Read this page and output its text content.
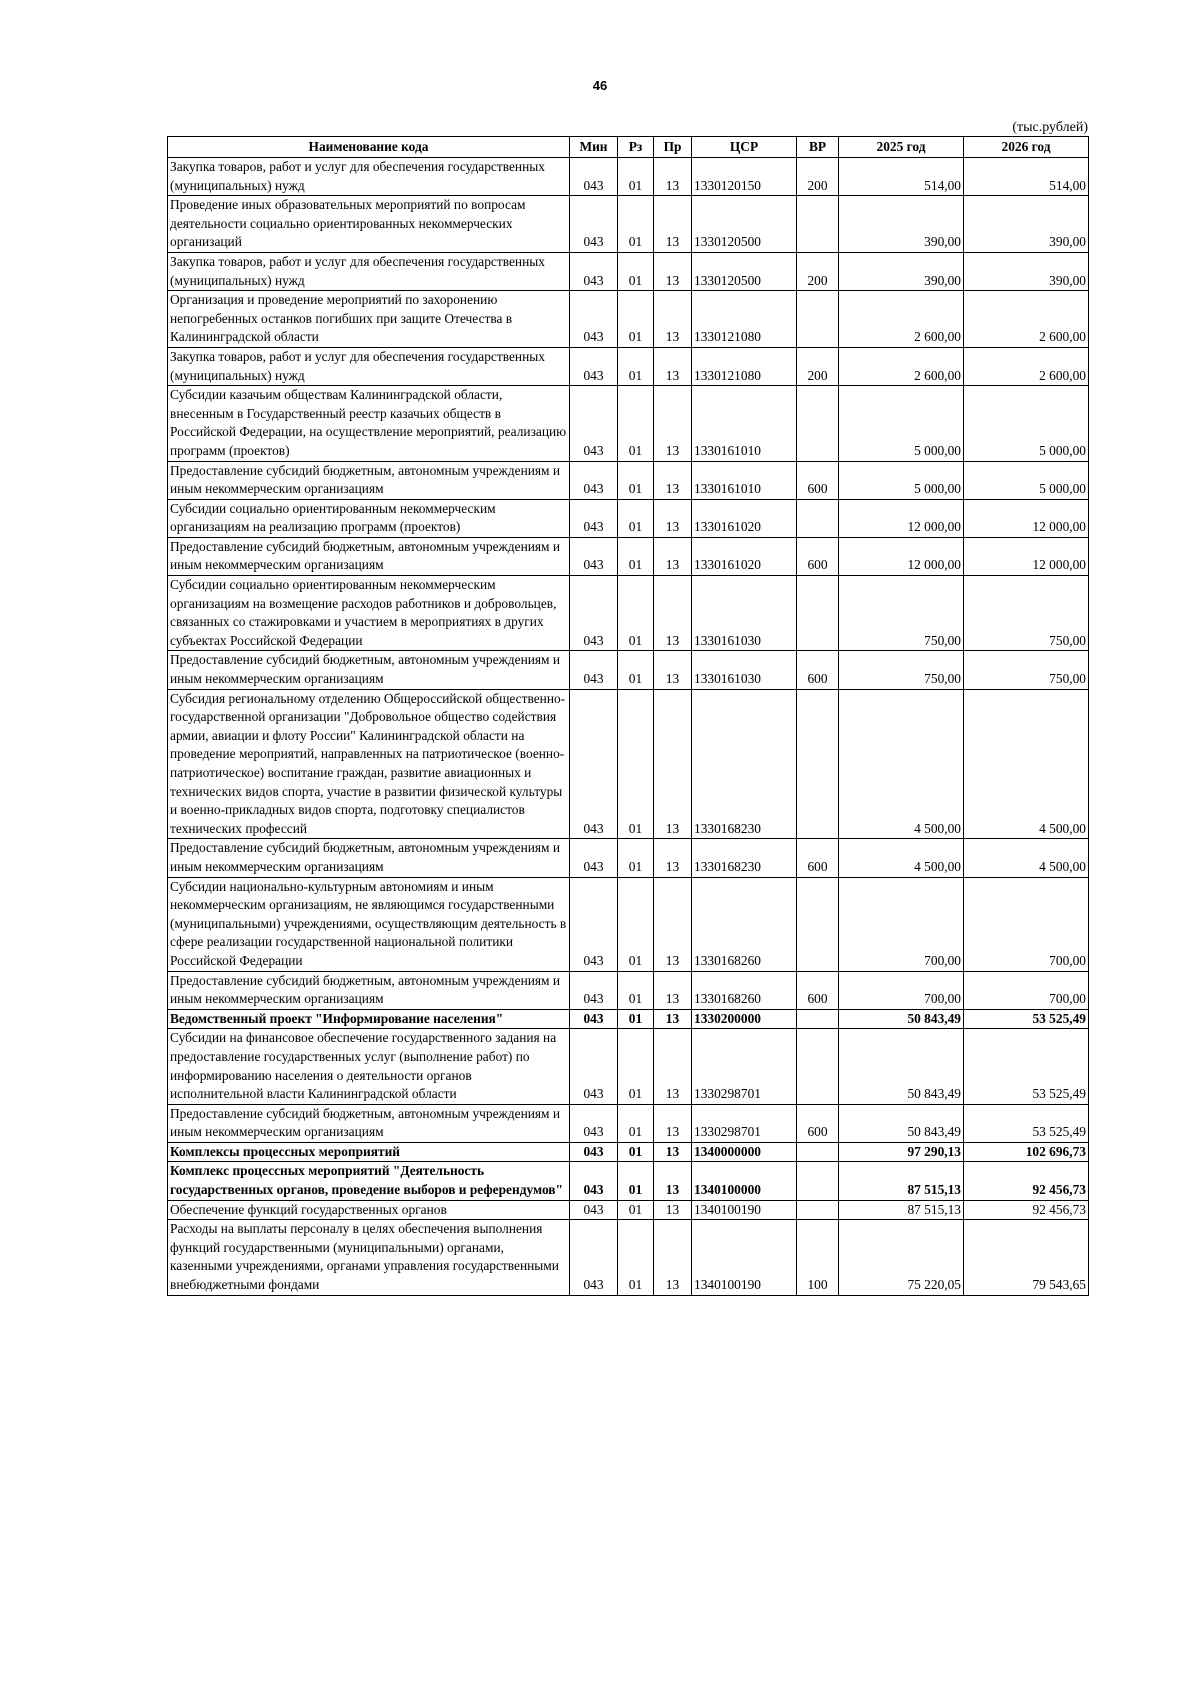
46
(тыс.рублей)
Наименование кода	Мин	Рз	Пр	ЦСР	ВР	2025 год	2026 год
Закупка товаров, работ и услуг для обеспечения государственных (муниципальных) нужд	043	01	13	1330120150	200	514,00	514,00
Проведение иных образовательных мероприятий по вопросам деятельности социально ориентированных некоммерческих организаций	043	01	13	1330120500		390,00	390,00
Закупка товаров, работ и услуг для обеспечения государственных (муниципальных) нужд	043	01	13	1330120500	200	390,00	390,00
Организация и проведение мероприятий по захоронению непогребенных останков погибших при защите Отечества в Калининградской области	043	01	13	1330121080		2 600,00	2 600,00
Закупка товаров, работ и услуг для обеспечения государственных (муниципальных) нужд	043	01	13	1330121080	200	2 600,00	2 600,00
Субсидии казачьим обществам Калининградской области, внесенным в Государственный реестр казачьих обществ в Российской Федерации, на осуществление мероприятий, реализацию программ (проектов)	043	01	13	1330161010		5 000,00	5 000,00
Предоставление субсидий бюджетным, автономным учреждениям и иным некоммерческим организациям	043	01	13	1330161010	600	5 000,00	5 000,00
Субсидии социально ориентированным некоммерческим организациям на реализацию программ (проектов)	043	01	13	1330161020		12 000,00	12 000,00
Предоставление субсидий бюджетным, автономным учреждениям и иным некоммерческим организациям	043	01	13	1330161020	600	12 000,00	12 000,00
Субсидии социально ориентированным некоммерческим организациям на возмещение расходов работников и добровольцев, связанных со стажировками и участием в мероприятиях в других субъектах Российской Федерации	043	01	13	1330161030		750,00	750,00
Предоставление субсидий бюджетным, автономным учреждениям и иным некоммерческим организациям	043	01	13	1330161030	600	750,00	750,00
Субсидия региональному отделению Общероссийской общественно-государственной организации "Добровольное общество содействия армии, авиации и флоту России" Калининградской области на проведение мероприятий, направленных на патриотическое (военно-патриотическое) воспитание граждан, развитие авиационных и технических видов спорта, участие в развитии физической культуры и военно-прикладных видов спорта, подготовку специалистов технических профессий	043	01	13	1330168230		4 500,00	4 500,00
Предоставление субсидий бюджетным, автономным учреждениям и иным некоммерческим организациям	043	01	13	1330168230	600	4 500,00	4 500,00
Субсидии национально-культурным автономиям и иным некоммерческим организациям, не являющимся государственными (муниципальными) учреждениями, осуществляющим деятельность в сфере реализации государственной национальной политики Российской Федерации	043	01	13	1330168260		700,00	700,00
Предоставление субсидий бюджетным, автономным учреждениям и иным некоммерческим организациям	043	01	13	1330168260	600	700,00	700,00
Ведомственный проект "Информирование населения"	043	01	13	1330200000		50 843,49	53 525,49
Субсидии на финансовое обеспечение государственного задания на предоставление государственных услуг (выполнение работ) по информированию населения о деятельности органов исполнительной власти Калининградской области	043	01	13	1330298701		50 843,49	53 525,49
Предоставление субсидий бюджетным, автономным учреждениям и иным некоммерческим организациям	043	01	13	1330298701	600	50 843,49	53 525,49
Комплексы процессных мероприятий	043	01	13	1340000000		97 290,13	102 696,73
Комплекс процессных мероприятий "Деятельность государственных органов, проведение выборов и референдумов"	043	01	13	1340100000		87 515,13	92 456,73
Обеспечение функций государственных органов	043	01	13	1340100190		87 515,13	92 456,73
Расходы на выплаты персоналу в целях обеспечения выполнения функций государственными (муниципальными) органами, казенными учреждениями, органами управления государственными внебюджетными фондами	043	01	13	1340100190	100	75 220,05	79 543,65
